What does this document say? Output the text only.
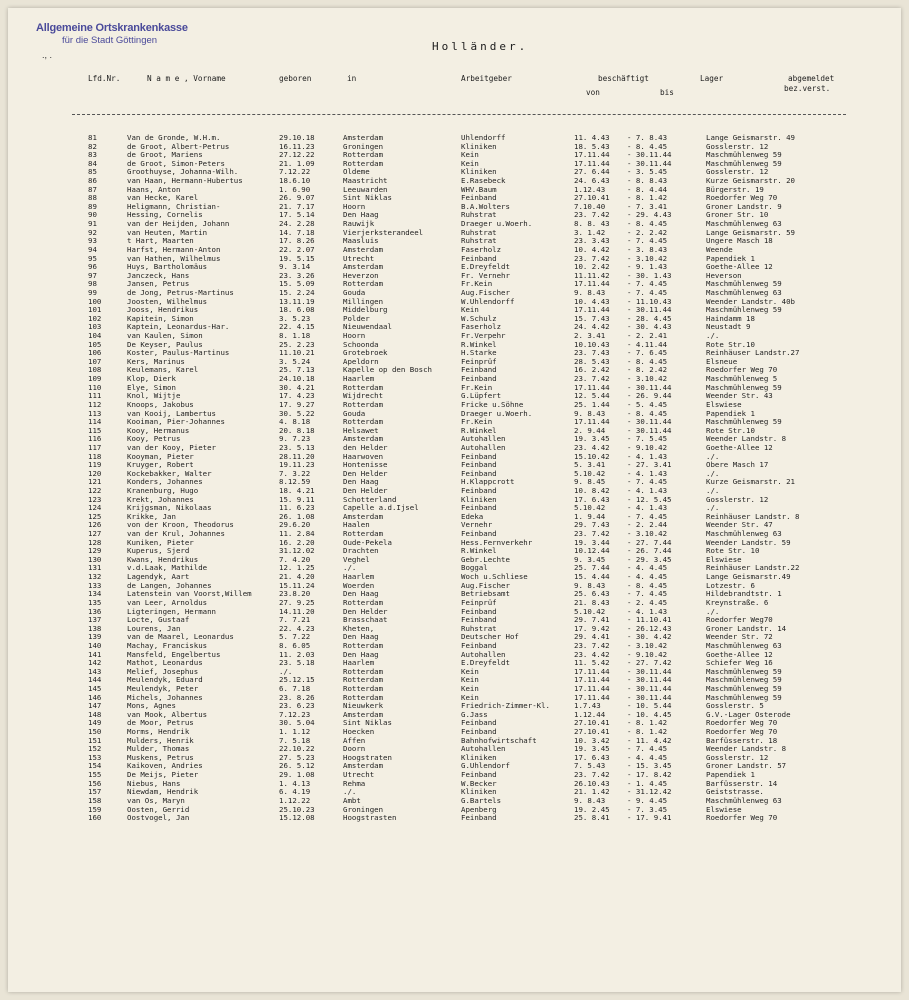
Allgemeine Ortskrankenkasse
für die Stadt Göttingen
., .
Holländer.
Lfd.Nr.	N a m e , Vorname	geboren	in	Arbeitgeber	beschäftigt
von	bis
Lager	abgemeldet
bez.verst.
81	Van de Gronde, W.H.m.	29.10.18	Amsterdam	Uhlendorff	11. 4.43	- 7. 8.43	Lange Geismarstr. 49
82	de Groot, Albert-Petrus	16.11.23	Groningen	Kliniken	18. 5.43	- 8. 4.45	Gosslerstr. 12
83	de Groot, Mariens	27.12.22	Rotterdam	Kein	17.11.44	- 30.11.44	Maschmühlenweg 59
84	de Groot, Simon-Peters	21. 1.09	Rotterdam	Kein	17.11.44	- 30.11.44	Maschmühlenweg 59
85	Groothuyse, Johanna-Wilh.	7.12.22	Oldeme	Kliniken	27. 6.44	- 3. 5.45	Gosslerstr. 12
86	van Haan, Hermann-Hubertus	18.6.10	Maastricht	E.Rasebeck	24. 6.43	- 8. 8.43	Kurze Geismarstr. 20
87	Haans, Anton	1. 6.90	Leeuwarden	WHV.Baum	1.12.43	- 8. 4.44	Bürgerstr. 19
88	van Hecke, Karel	26. 9.07	Sint Niklas	Feinband	27.10.41	- 8. 1.42	Roedorfer Weg 70
89	Heligmann, Christian-	21. 7.17	Hoorn	B.A.Wolters	7.10.40	- 7. 3.41	Groner Landstr. 9
90	Hessing, Cornelis	17. 5.14	Den Haag	Ruhstrat	23. 7.42	- 29. 4.43	Groner Str. 10
91	van der Heijden, Johann	24. 2.28	Rauwijk	Draeger u.Woerh.	8. 8. 43	- 8. 4.45	Maschmühlenweg 63
92	van Heuten, Martin	14. 7.18	Vierjerksterandeel	Ruhstrat	3. 1.42	- 2. 2.42	Lange Geismarstr. 59
93	t Hart, Maarten	17. 8.26	Maasluis	Ruhstrat	23. 3.43	- 7. 4.45	Ungere Masch 18
94	Harfst, Hermann-Anton	22. 2.07	Amsterdam	Faserholz	10. 4.42	- 3. 8.43	Weende
95	van Hathen, Wilhelmus	19. 5.15	Utrecht	Feinband	23. 7.42	- 3.10.42	Papendiek 1
96	Huys, Bartholomäus	9. 3.14	Amsterdam	E.Dreyfeldt	10. 2.42	- 9. 1.43	Goethe-Allee 12
97	Janczeck, Hans	23. 3.26	Heverzon	Fr. Vernehr	11.11.42	- 30. 1.43	Heverson
98	Jansen, Petrus	15. 5.09	Rotterdam	Fr.Kein	17.11.44	- 7. 4.45	Maschmühlenweg 59
99	de Jong, Petrus-Martinus	15. 2.24	Gouda	Aug.Fischer	9. 8.43	- 7. 4.45	Maschmühlenweg 63
100	Joosten, Wilhelmus	13.11.19	Millingen	W.Uhlendorff	10. 4.43	- 11.10.43	Weender Landstr. 40b
101	Jooss, Hendrikus	18. 6.08	Middelburg	Kein	17.11.44	- 30.11.44	Maschmühlenweg 59
102	Kapitein, Simon	3. 5.23	Polder	W.Schulz	15. 7.43	- 28. 4.45	Haindamm 18
103	Kaptein, Leonardus-Har.	22. 4.15	Nieuwendaal	Faserholz	24. 4.42	- 30. 4.43	Neustadt 9
104	van Kaulen, Simon	8. 1.18	Hoorn	Fr.Verpehr	2. 3.41	- 2. 2.41	./.
105	De Keyser, Paulus	25. 2.23	Schoonda	R.Winkel	10.10.43	- 4.11.44	Rote Str.10
106	Koster, Paulus-Martinus	11.10.21	Grotebroek	H.Starke	23. 7.43	- 7. 6.45	Reinhäuser Landstr.27
107	Kers, Marinus	3. 5.24	Apeldorn	Feinprüf	28. 5.43	- 8. 4.45	Elsneue
108	Keulemans, Karel	25. 7.13	Kapelle op den Bosch	Feinband	16. 2.42	- 8. 2.42	Roedorfer Weg 70
109	Klop, Dierk	24.10.18	Haarlem	Feinband	23. 7.42	- 3.10.42	Maschmühlenweg 5
110	Elye, Simon	30. 4.21	Rotterdam	Fr.Kein	17.11.44	- 30.11.44	Maschmühlenweg 59
111	Knol, Wijtje	17. 4.23	Wijdrecht	G.Lüpfert	12. 5.44	- 26. 9.44	Weender Str. 43
112	Knoops, Jakobus	17. 9.27	Rotterdam	Fricke u.Söhne	25. 1.44	- 5. 4.45	Elswiese
113	van Kooij, Lambertus	30. 5.22	Gouda	Draeger u.Woerh.	9. 8.43	- 8. 4.45	Papendiek 1
114	Kooiman, Pier-Johannes	4. 8.18	Rotterdam	Fr.Kein	17.11.44	- 30.11.44	Maschmühlenweg 59
115	Kooy, Hermanus	20. 8.18	Helsawet	R.Winkel	2. 9.44	- 30.11.44	Rote Str.10
116	Kooy, Petrus	9. 7.23	Amsterdam	Autohallen	19. 3.45	- 7. 5.45	Weender Landstr. 8
117	van der Kooy, Pieter	23. 5.13	den Helder	Autohallen	23. 4.42	- 9.10.42	Goethe-Allee 12
118	Kooyman, Pieter	28.11.20	Haarwoven	Feinband	15.10.42	- 4. 1.43	./.
119	Kruyger, Robert	19.11.23	Hontenisse	Feinband	5. 3.41	- 27. 3.41	Obere Masch 17
120	Kockebakker, Walter	7. 3.22	Den Helder	Feinband	5.10.42	- 4. 1.43	./.
121	Konders, Johannes	8.12.59	Den Haag	H.Klappcrott	9. 8.45	- 7. 4.45	Kurze Geismarstr. 21
122	Kranenburg, Hugo	18. 4.21	Den Helder	Feinband	10. 8.42	- 4. 1.43	./.
123	Krekt, Johannes	15. 9.11	Schotterland	Kliniken	17. 6.43	- 12. 5.45	Gosslerstr. 12
124	Krijgsman, Nikolaas	11. 6.23	Capelle a.d.Ijsel	Feinband	5.10.42	- 4. 1.43	./.
125	Krikke, Jan	26. 1.08	Amsterdam	Edeka	1. 9.44	- 7. 4.45	Reinhäuser Landstr. 8
126	von der Kroon, Theodorus	29.6.20	Haalen	Vernehr	29. 7.43	- 2. 2.44	Weender Str. 47
127	van der Krul, Johannes	11. 2.84	Rotterdam	Feinband	23. 7.42	- 3.10.42	Maschmühlenweg 63
128	Kuniken, Pieter	16. 2.20	Oude-Pekela	Hess.Fernverkehr	19. 3.44	- 27. 7.44	Weender Landstr. 59
129	Kuperus, Sjerd	31.12.02	Drachten	R.Winkel	10.12.44	- 26. 7.44	Rote Str. 10
130	Kwans, Hendrikus	7. 4.20	Veghel	Gebr.Lechte	9. 3.45	- 29. 3.45	Elswiese
131	v.d.Laak, Mathilde	12. 1.25	./.	Boggal	25. 7.44	- 4. 4.45	Reinhäuser Landstr.22
132	Lagendyk, Aart	21. 4.20	Haarlem	Woch u.Schliese	15. 4.44	- 4. 4.45	Lange Geismarstr.49
133	de Langen, Johannes	15.11.24	Woerden	Aug.Fischer	9. 8.43	- 8. 4.45	Lotzestr. 6
134	Latenstein van Voorst,Willem	23.8.20	Den Haag	Betriebsamt	25. 6.43	- 7. 4.45	Hildebrandtstr. 1
135	van Leer, Arnoldus	27. 9.25	Rotterdam	Feinprüf	21. 8.43	- 2. 4.45	Kreynstraße. 6
136	Ligteringen, Hermann	14.11.20	Den Helder	Feinband	5.10.42	- 4. 1.43	./.
137	Locte, Gustaaf	7. 7.21	Brasschaat	Feinband	29. 7.41	- 11.10.41	Roedorfer Weg70
138	Lourens, Jan	22. 4.23	Kheten,	Ruhstrat	17. 9.42	- 26.12.43	Groner Landstr. 14
139	van de Maarel, Leonardus	5. 7.22	Den Haag	Deutscher Hof	29. 4.41	- 30. 4.42	Weender Str. 72
140	Machay, Franciskus	8. 6.05	Rotterdam	Feinband	23. 7.42	- 3.10.42	Maschmühlenweg 63
141	Mansfeld, Engelbertus	11. 2.03	Den Haag	Autohallen	23. 4.42	- 9.10.42	Goethe-Allee 12
142	Mathot, Leonardus	23. 5.18	Haarlem	E.Dreyfeldt	11. 5.42	- 27. 7.42	Schiefer Weg 16
143	Melief, Josephus	./.	Rotterdam	Kein	17.11.44	- 30.11.44	Maschmühlenweg 59
144	Meulendyk, Eduard	25.12.15	Rotterdam	Kein	17.11.44	- 30.11.44	Maschmühlenweg 59
145	Meulendyk, Peter	6. 7.18	Rotterdam	Kein	17.11.44	- 30.11.44	Maschmühlenweg 59
146	Michels, Johannes	23. 8.26	Rotterdam	Kein	17.11.44	- 30.11.44	Maschmühlenweg 59
147	Mons, Agnes	23. 6.23	Nieuwkerk	Friedrich-Zimmer-Kl.	1.7.43	- 10. 5.44	Gosslerstr. 5
148	van Mook, Albertus	7.12.23	Amsterdam	G.Jass	1.12.44	- 10. 4.45	G.V.-Lager Osterode
149	de Moor, Petrus	30. 5.04	Sint Niklas	Feinband	27.10.41	- 8. 1.42	Roedorfer Weg 70
150	Morms, Hendrik	1. 1.12	Hoecken	Feinband	27.10.41	- 8. 1.42	Roedorfer Weg 70
151	Mulders, Henrik	7. 5.18	Affen	Bahnhofwirtschaft	10. 3.42	- 11. 4.42	Barfüsserstr. 18
152	Mulder, Thomas	22.10.22	Doorn	Autohallen	19. 3.45	- 7. 4.45	Weender Landstr. 8
153	Muskens, Petrus	27. 5.23	Hoogstraten	Kliniken	17. 6.43	- 4. 4.45	Gosslerstr. 12
154	Kaikoven, Andries	26. 5.12	Amsterdam	G.Uhlendorf	7. 5.43	- 15. 3.45	Groner Landstr. 57
155	De Meijs, Pieter	29. 1.08	Utrecht	Feinband	23. 7.42	- 17. 8.42	Papendiek 1
156	Niebus, Hans	1. 4.13	Rehma	W.Becker	26.10.43	- 1. 4.45	Barfüsserstr. 14
157	Niewdam, Hendrik	6. 4.19	./.	Kliniken	21. 1.42	- 31.12.42	Geiststrasse.
158	van Os, Maryn	1.12.22	Ambt	G.Bartels	9. 8.43	- 9. 4.45	Maschmühlenweg 63
159	Oosten, Gerrid	25.10.23	Groningen	Apenberg	19. 2.45	- 7. 3.45	Elswiese
160	Oostvogel, Jan	15.12.08	Hoogstrasten	Feinband	25. 8.41	- 17. 9.41	Roedorfer Weg 70
